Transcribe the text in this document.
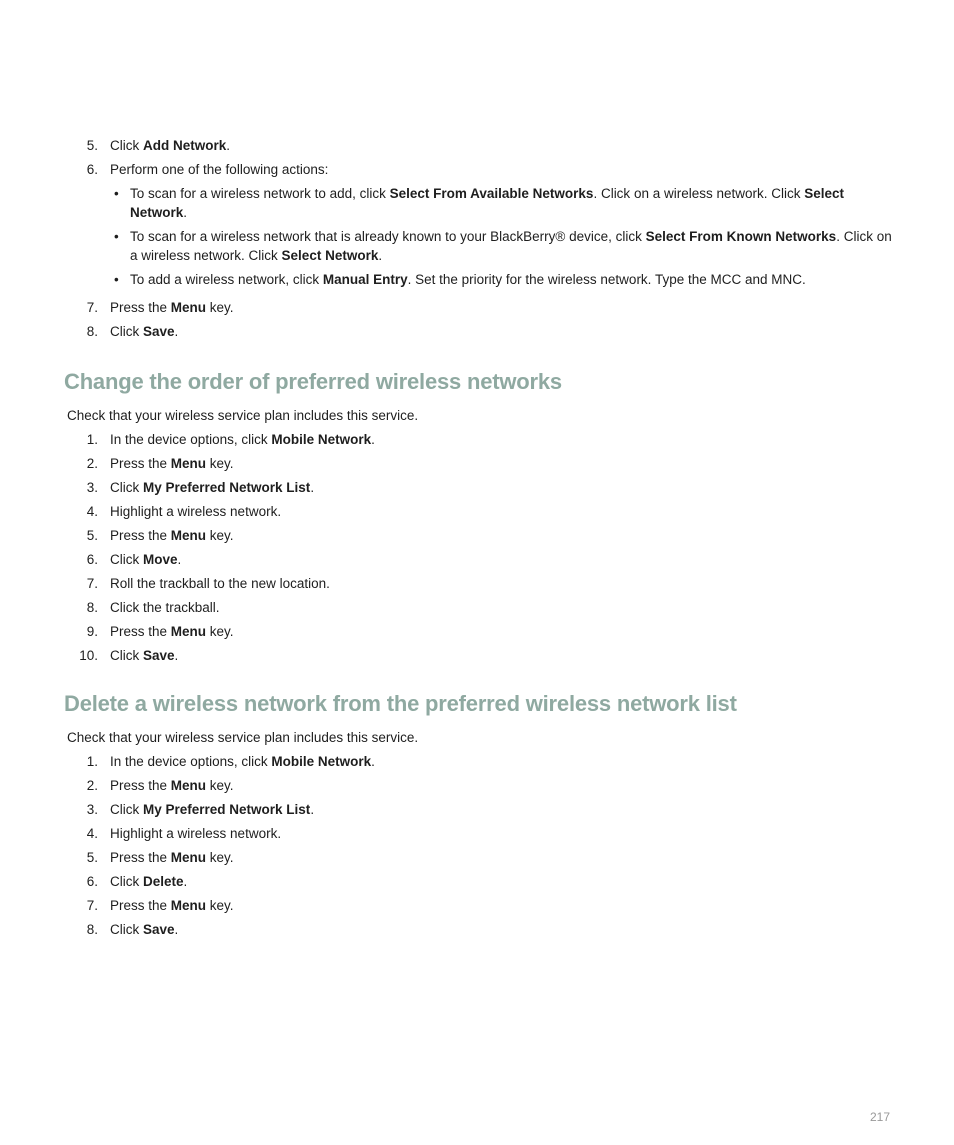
5. Click Add Network.
6. Perform one of the following actions:
• To scan for a wireless network to add, click Select From Available Networks. Click on a wireless network. Click Select
Network.
• To scan for a wireless network that is already known to your BlackBerry® device, click Select From Known Networks. Click on
a wireless network. Click Select Network.
• To add a wireless network, click Manual Entry. Set the priority for the wireless network. Type the MCC and MNC.
7. Press the Menu key.
8. Click Save.
Change the order of preferred wireless networks

Check that your wireless service plan includes this service.

1. In the device options, click Mobile Network.
2. Press the Menu key.
3. Click My Preferred Network List.
4. Highlight a wireless network.
5. Press the Menu key.
6. Click Move.
7. Roll the trackball to the new location.
8. Click the trackball.
9. Press the Menu key.
10. Click Save.
Delete a wireless network from the preferred wireless network list

Check that your wireless service plan includes this service.

1. In the device options, click Mobile Network.
2. Press the Menu key.
3. Click My Preferred Network List.
4. Highlight a wireless network.
5. Press the Menu key.
6. Click Delete.
7. Press the Menu key.
8. Click Save.
217
